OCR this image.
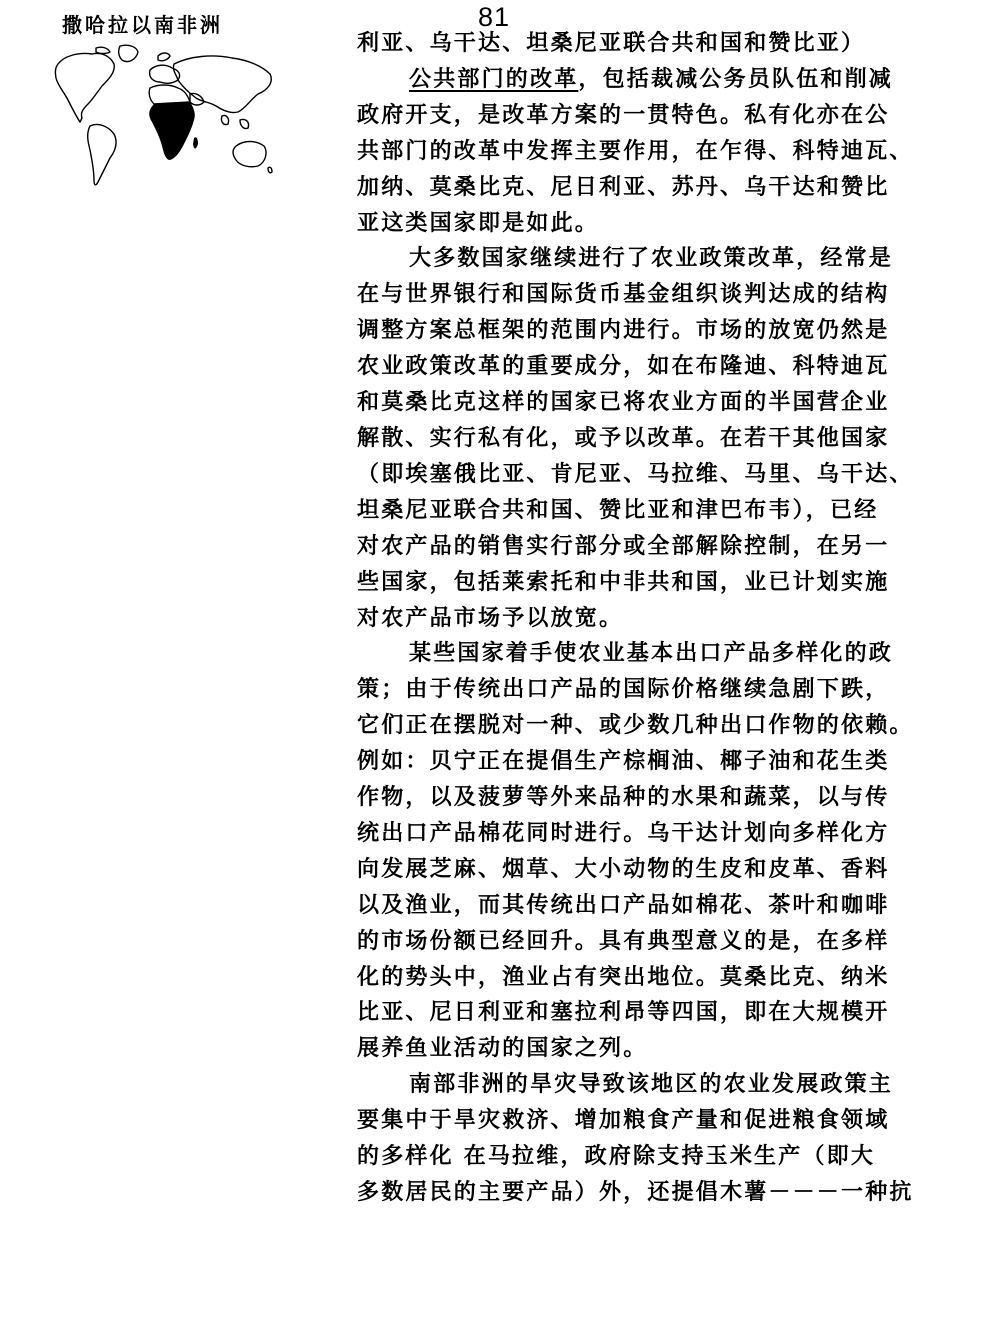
81
撒哈拉以南非洲

利亚、乌干达、坦桑尼亚联合共和国和赞比亚）

公共部门的改革，包括裁减公务员队伍和削减
政府开支，是改革方案的一贯特色。私有化亦在公
共部门的改革中发挥主要作用，在乍得、科特迪瓦、
加纳、莫桑比克、尼日利亚、苏丹、乌干达和赞比
亚这类国家即是如此。

大多数国家继续进行了农业政策改革，经常是
在与世界银行和国际货币基金组织谈判达成的结构
调整方案总框架的范围内进行。市场的放宽仍然是
农业政策改革的重要成分，如在布隆迪、科特迪瓦
和莫桑比克这样的国家已将农业方面的半国营企业
解散、实行私有化，或予以改革。在若干其他国家
（即埃塞俄比亚、肯尼亚、马拉维、马里、乌干达、
坦桑尼亚联合共和国、赞比亚和津巴布韦），已经
对农产品的销售实行部分或全部解除控制，在另一
些国家，包括莱索托和中非共和国，业已计划实施
对农产品市场予以放宽。

某些国家着手使农业基本出口产品多样化的政
策；由于传统出口产品的国际价格继续急剧下跌，
它们正在摆脱对一种、或少数几种出口作物的依赖。
例如：贝宁正在提倡生产棕榈油、椰子油和花生类
作物，以及菠萝等外来品种的水果和蔬菜，以与传
统出口产品棉花同时进行。乌干达计划向多样化方
向发展芝麻、烟草、大小动物的生皮和皮革、香料
以及渔业，而其传统出口产品如棉花、茶叶和咖啡
的市场份额已经回升。具有典型意义的是，在多样
化的势头中，渔业占有突出地位。莫桑比克、纳米
比亚、尼日利亚和塞拉利昂等四国，即在大规模开
展养鱼业活动的国家之列。

南部非洲的旱灾导致该地区的农业发展政策主
要集中于旱灾救济、增加粮食产量和促进粮食领域
的多样化 在马拉维，政府除支持玉米生产（即大
多数居民的主要产品）外，还提倡木薯－－－一种抗
